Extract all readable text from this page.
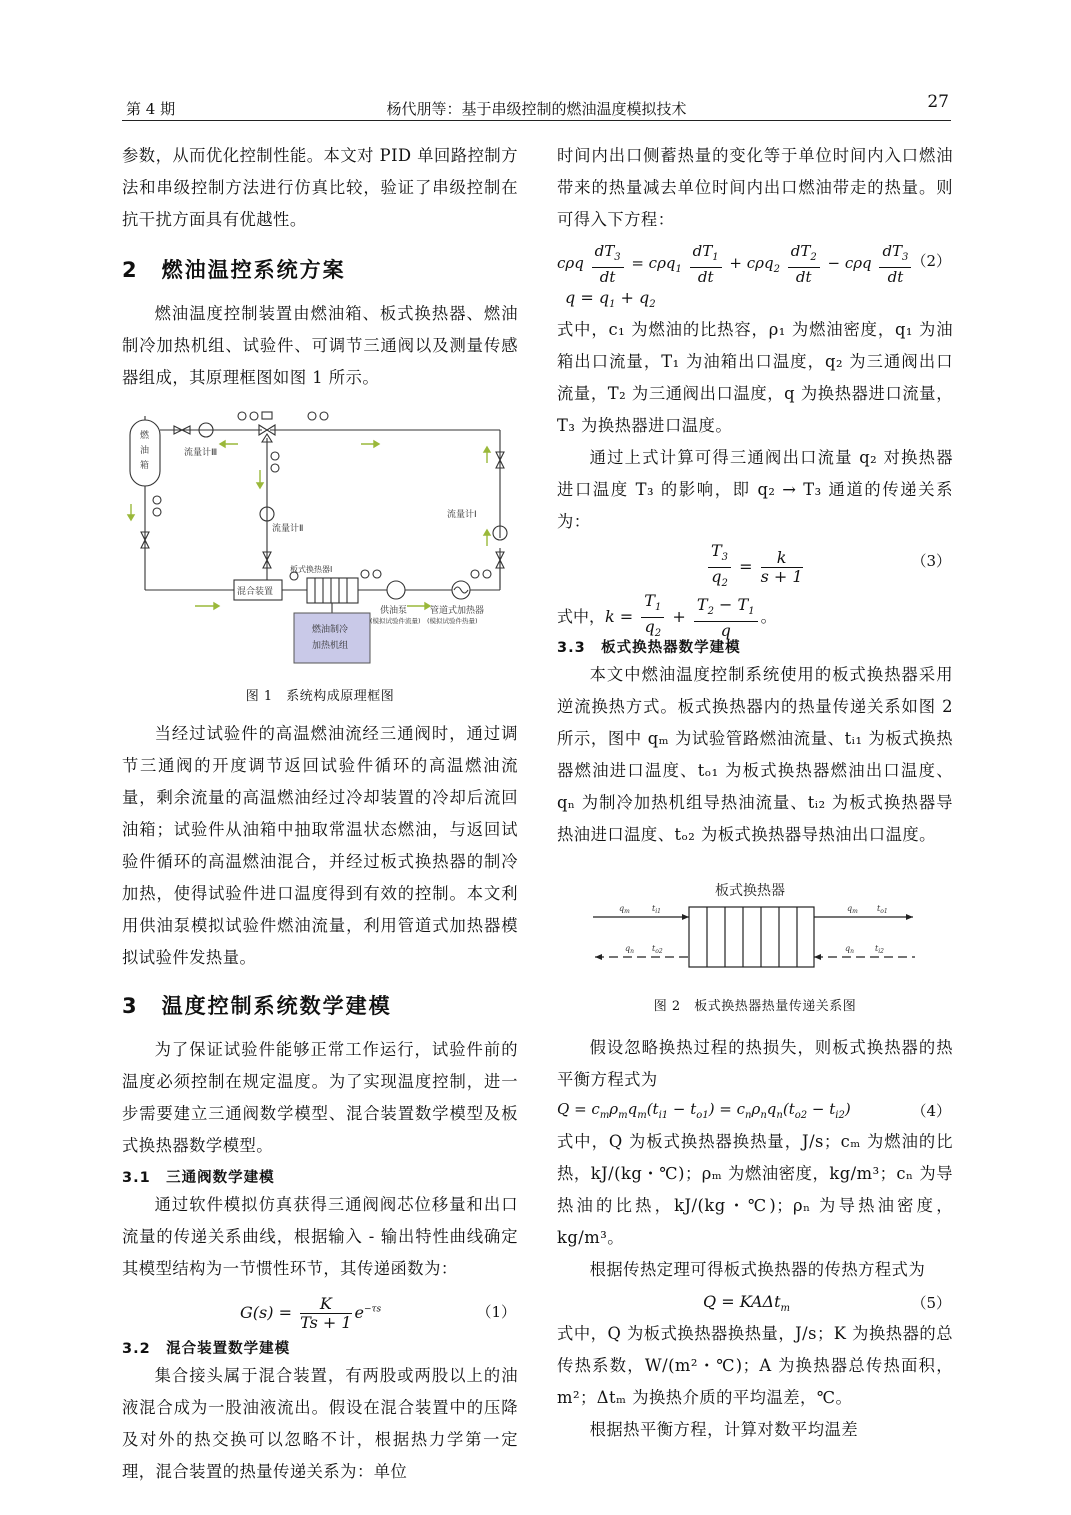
第 4 期	杨代朋等：基于串级控制的燃油温度模拟技术	27

参数，从而优化控制性能。本文对 PID 单回路控制方法和串级控制方法进行仿真比较，验证了串级控制在抗干扰方面具有优越性。

2　燃油温控系统方案

燃油温度控制装置由燃油箱、板式换热器、燃油制冷加热机组、试验件、可调节三通阀以及测量传感器组成，其原理框图如图 1 所示。

燃
油
箱
流量计Ⅲ
流量计Ⅱ
流量计Ⅰ
混合装置
板式换热器Ⅰ
供油泵
(模拟试验件流量)
管道式加热器
(模拟试验件热量)
燃油制冷
加热机组
图 1　系统构成原理框图

当经过试验件的高温燃油流经三通阀时，通过调节三通阀的开度调节返回试验件循环的高温燃油流量，剩余流量的高温燃油经过冷却装置的冷却后流回油箱；试验件从油箱中抽取常温状态燃油，与返回试验件循环的高温燃油混合，并经过板式换热器的制冷加热，使得试验件进口温度得到有效的控制。本文利用供油泵模拟试验件燃油流量，利用管道式加热器模拟试验件发热量。

3　温度控制系统数学建模

为了保证试验件能够正常工作运行，试验件前的温度必须控制在规定温度。为了实现温度控制，进一步需要建立三通阀数学模型、混合装置数学模型及板式换热器数学模型。

3.1　三通阀数学建模

通过软件模拟仿真获得三通阀阀芯位移量和出口流量的传递关系曲线，根据输入 - 输出特性曲线确定其模型结构为一节惯性环节，其传递函数为：

$G(s) = \frac{K}{Ts + 1} e^{-\tau s}$	（1）
3.2　混合装置数学建模

集合接头属于混合装置，有两股或两股以上的油液混合成为一股油液流出。假设在混合装置中的压降及对外的热交换可以忽略不计，根据热力学第一定理，混合装置的热量传递关系为：单位

时间内出口侧蓄热量的变化等于单位时间内入口燃油带来的热量减去单位时间内出口燃油带走的热量。则可得入下方程：

cρq $\frac{dT_3}{dt} = c\rho q_1 \frac{dT_1}{dt} + c\rho q_2 \frac{dT_2}{dt} - c\rho q \frac{dT_3}{dt} (2)$
$q = q_1 + q_2$

式中，c₁ 为燃油的比热容，ρ₁ 为燃油密度，q₁ 为油箱出口流量，T₁ 为油箱出口温度，q₂ 为三通阀出口流量，T₂ 为三通阀出口温度，q 为换热器进口流量，T₃ 为换热器进口温度。

通过上式计算可得三通阀出口流量 q₂ 对换热器进口温度 T₃ 的影响，即 q₂ → T₃ 通道的传递关系为：

$\frac{T_3}{q_2} = \frac{k}{s + 1}$	（3）
式中，$k = \frac{T_1}{q_2} + \frac{T_2 - T_1}{q}$ 。
3.3　板式换热器数学建模

本文中燃油温度控制系统使用的板式换热器采用逆流换热方式。板式换热器内的热量传递关系如图 2 所示，图中 qₘ 为试验管路燃油流量、tᵢ₁ 为板式换热器燃油进口温度、tₒ₁ 为板式换热器燃油出口温度、qₙ 为制冷加热机组导热油流量、tᵢ₂ 为板式换热器导热油进口温度、tₒ₂ 为板式换热器导热油出口温度。

板式换热器
$q_m$	$t_{i1}$	$q_m$ $t_{o1}$
$q_n$ $t_{o2}$	$q_n$	$t_{i2}$
图 2　板式换热器热量传递关系图

假设忽略换热过程的热损失，则板式换热器的热平衡方程式为

$Q = c_m\rho_mq_m(t_{i1} - t_{o1}) = c_n\rho_nq_n(t_{o2} - t_{i2})$	（4）

式中，Q 为板式换热器换热量，J/s；cₘ 为燃油的比热，kJ/(kg・℃)；ρₘ 为燃油密度，kg/m³；cₙ 为导热油的比热，kJ/(kg・℃)；ρₙ 为导热油密度，kg/m³。

根据传热定理可得板式换热器的传热方程式为

Q = KAΔt$_m$	（5）

式中，Q 为板式换热器换热量，J/s；K 为换热器的总传热系数，W/(m²・℃)；A 为换热器总传热面积，m²；Δtₘ 为换热介质的平均温差，℃。

根据热平衡方程，计算对数平均温差
